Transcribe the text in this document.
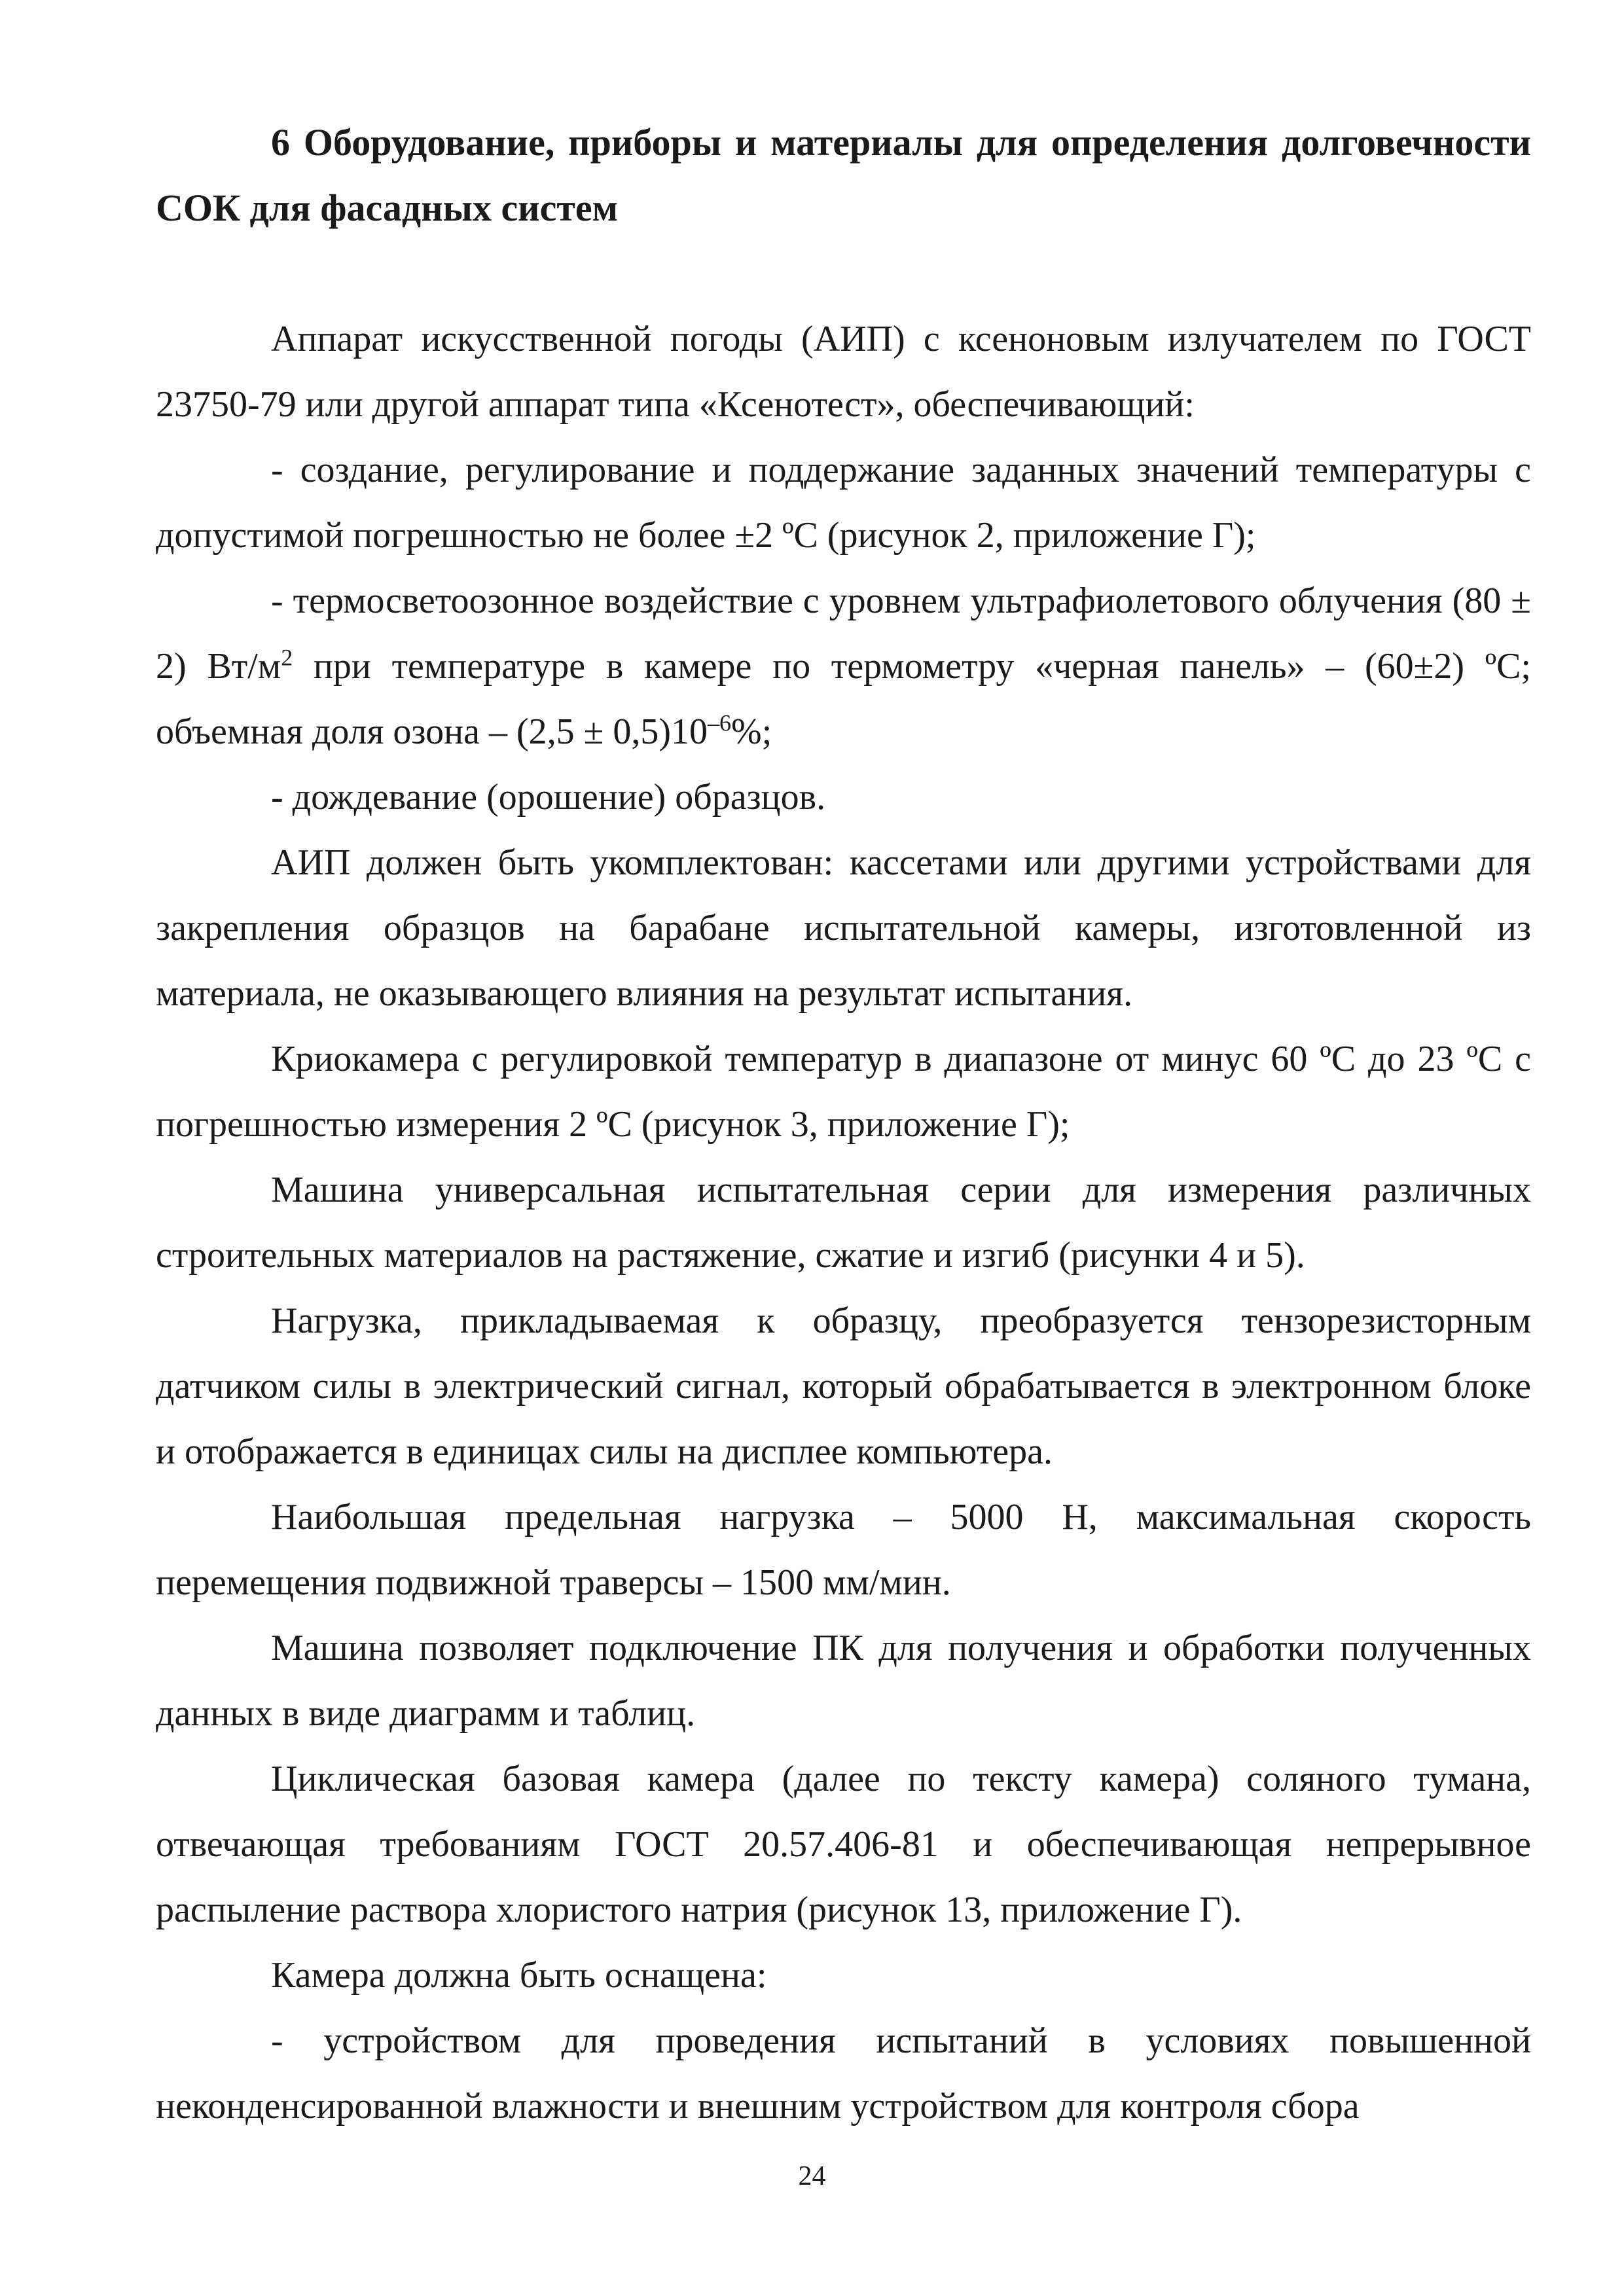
6 Оборудование, приборы и материалы для определения долговечности СОК для фасадных систем

Аппарат искусственной погоды (АИП) с ксеноновым излучателем по ГОСТ 23750-79 или другой аппарат типа «Ксенотест», обеспечивающий:

- создание, регулирование и поддержание заданных значений температуры с допустимой погрешностью не более ±2 ºС (рисунок 2, приложение Г);

- термосветоозонное воздействие с уровнем ультрафиолетового облучения (80 ± 2) $Вт/м^2$ при температуре в камере по термометру «черная панель» – (60±2) ºС; объемная доля озона – $(2,5 \pm 0,5)10^{-6}\%$;

- дождевание (орошение) образцов.

АИП должен быть укомплектован: кассетами или другими устройствами для закрепления образцов на барабане испытательной камеры, изготовленной из материала, не оказывающего влияния на результат испытания.

Криокамера с регулировкой температур в диапазоне от минус 60 ºС до 23 ºС с погрешностью измерения 2 ºС (рисунок 3, приложение Г);

Машина универсальная испытательная серии для измерения различных строительных материалов на растяжение, сжатие и изгиб (рисунки 4 и 5).

Нагрузка, прикладываемая к образцу, преобразуется тензорезисторным датчиком силы в электрический сигнал, который обрабатывается в электронном блоке и отображается в единицах силы на дисплее компьютера.

Наибольшая предельная нагрузка – 5000 Н, максимальная скорость перемещения подвижной траверсы – 1500 мм/мин.

Машина позволяет подключение ПК для получения и обработки полученных данных в виде диаграмм и таблиц.

Циклическая базовая камера (далее по тексту камера) соляного тумана, отвечающая требованиям ГОСТ 20.57.406-81 и обеспечивающая непрерывное распыление раствора хлористого натрия (рисунок 13, приложение Г).

Камера должна быть оснащена:

- устройством для проведения испытаний в условиях повышенной неконденсированной влажности и внешним устройством для контроля сбора

24
